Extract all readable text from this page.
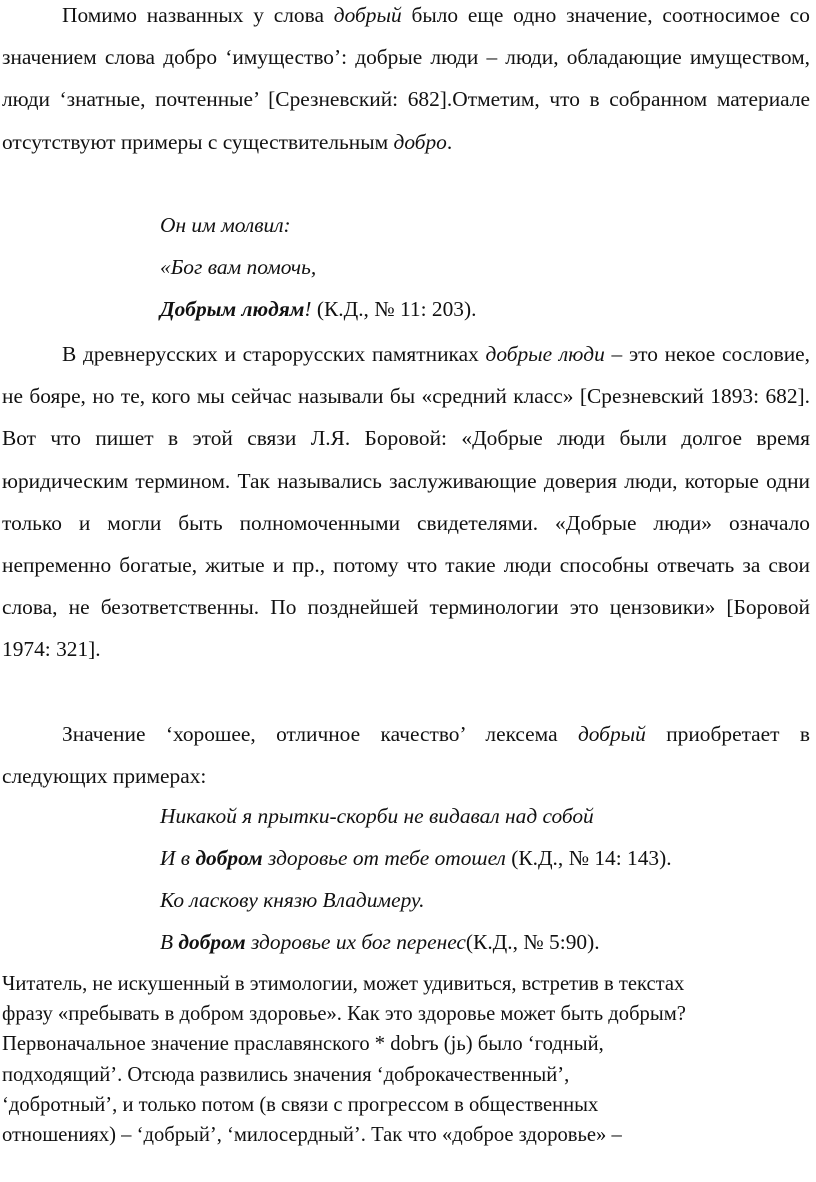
Помимо названных у слова добрый было еще одно значение, соотносимое со значением слова добро ‘имущество’: добрые люди – люди, обладающие имуществом, люди ‘знатные, почтенные’ [Срезневский: 682].Отметим, что в собранном материале отсутствуют примеры с существительным добро.

Он им молвил:

«Бог вам помочь,

Добрым людям! (К.Д., № 11: 203).

В древнерусских и старорусских памятниках добрые люди – это некое сословие, не бояре, но те, кого мы сейчас называли бы «средний класс» [Срезневский 1893: 682]. Вот что пишет в этой связи Л.Я. Боровой: «Добрые люди были долгое время юридическим термином. Так назывались заслуживающие доверия люди, которые одни только и могли быть полномоченными свидетелями. «Добрые люди» означало непременно богатые, житые и пр., потому что такие люди способны отвечать за свои слова, не безответственны. По позднейшей терминологии это цензовики» [Боровой 1974: 321].

Значение ‘хорошее, отличное качество’ лексема добрый приобретает в следующих примерах:

Никакой я прытки-скорби не видавал над собой

И в добром здоровье от тебе отошел (К.Д., № 14: 143).

Ко ласкову князю Владимеру.

В добром здоровье их бог перенес(К.Д., № 5:90).

Читатель, не искушенный в этимологии, может удивиться, встретив в текстах
фразу «пребывать в добром здоровье». Как это здоровье может быть добрым?
Первоначальное значение праславянского * dobrъ (jь) было ‘годный,
подходящий’. Отсюда развились значения ‘доброкачественный’,
‘добротный’, и только потом (в связи с прогрессом в общественных
отношениях) – ‘добрый’, ‘милосердный’. Так что «доброе здоровье» –
